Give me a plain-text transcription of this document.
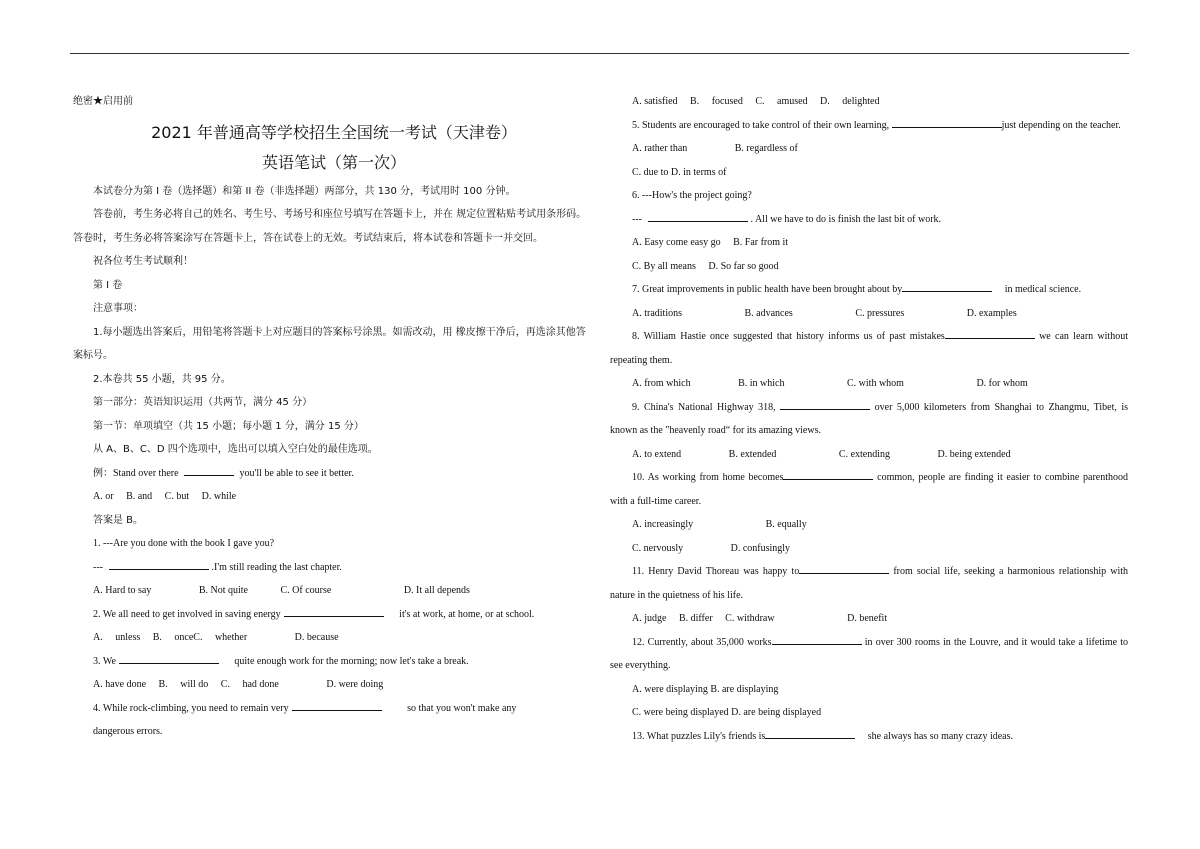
绝密★启用前

2021 年普通高等学校招生全国统一考试（天津卷）

英语笔试（第一次）

本试卷分为第 I 卷（选择题）和第 II 卷（非选择题）两部分，共 130 分，考试用时 100 分钟。

答卷前，考生务必将自己的姓名、考生号、考场号和座位号填写在答题卡上，并在 规定位置粘贴考试用条形码。答卷时，考生务必将答案涂写在答题卡上，答在试卷上的无效。考试结束后，将本试卷和答题卡一并交回。

祝各位考生考试顺利！

第 I 卷

注意事项：

1.每小题选出答案后，用铅笔将答题卡上对应题目的答案标号涂黑。如需改动，用 橡皮擦干净后，再选涂其他答案标号。

2.本卷共 55 小题，共 95 分。

第一部分：英语知识运用（共两节，满分 45 分）

第一节：单项填空（共 15 小题；每小题 1 分，满分 15 分）

从 A、B、C、D 四个选项中，选出可以填入空白处的最佳选项。

例：Stand over there	you'll be able to see it better.

A. or B. and C. but D. while

答案是 B。

1. ---Are you done with the book I gave you?

---	.I'm still reading the last chapter.

A. Hard to say	B. Not quite	C. Of course	D. It all depends

2. We all need to get involved in saving energy	it's at work, at home, or at school.

A. unless B. onceC. whether	D. because

3. We	quite enough work for the morning; now let's take a break.

A. have done B. will do C. had done	D. were doing

4. While rock-climbing, you need to remain very	so that you won't make any

dangerous errors.

A. satisfied B. focused C. amused D. delighted

5. Students are encouraged to take control of their own learning,	just depending on the teacher.

A. rather than	B. regardless of

C. due to D. in terms of

6. ---How's the project going?

---	. All we have to do is finish the last bit of work.

A. Easy come easy go B. Far from it

C. By all means D. So far so good

7. Great improvements in public health have been brought about by	in medical science.

A. traditions	B. advances	C. pressures	D. examples

8. William Hastie once suggested that history informs us of past mistakes	we can learn without repeating them.

A. from which	B. in which	C. with whom	D. for whom

9. China's National Highway 318,	over 5,000 kilometers from Shanghai to Zhangmu, Tibet, is known as the "heavenly road“ for its amazing views.

A. to extend	B. extended	C. extending	D. being extended

10. As working from home becomes	common, people are finding it easier to combine parenthood with a full-time career.

A. increasingly	B. equally

C. nervously	D. confusingly

11. Henry David Thoreau was happy to	from social life, seeking a harmonious relationship with nature in the quietness of his life.

A. judge B. differ C. withdraw	D. benefit

12. Currently, about 35,000 works	in over 300 rooms in the Louvre, and it would take a lifetime to see everything.

A. were displaying B. are displaying

C. were being displayed D. are being displayed

13. What puzzles Lily's friends is	she always has so many crazy ideas.
